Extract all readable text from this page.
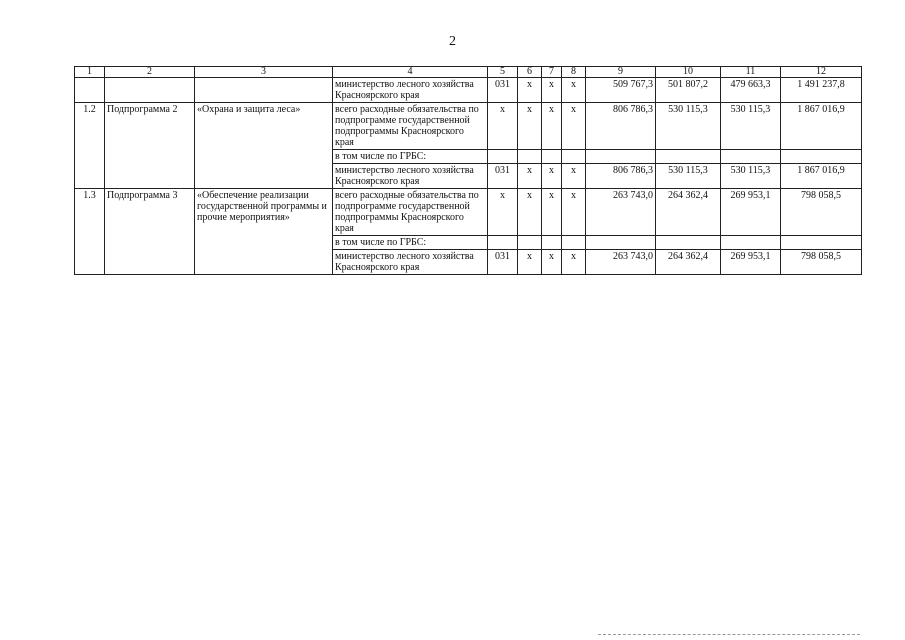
2
1	2	3	4	5	6	7	8	9	10	11	12
			министерство лесного хозяйства Красноярского края	031	х	х	х	509 767,3	501 807,2	479 663,3	1 491 237,8
1.2	Подпрограмма 2	«Охрана и защита леса»	всего расходные обязательства по подпрограмме государственной подпрограммы Красноярского края	х	х	х	х	806 786,3	530 115,3	530 115,3	1 867 016,9
			в том числе по ГРБС:								
			министерство лесного хозяйства Красноярского края	031	х	х	х	806 786,3	530 115,3	530 115,3	1 867 016,9
1.3	Подпрограмма 3	«Обеспечение реализации государственной программы и прочие мероприятия»	всего расходные обязательства по подпрограмме государственной подпрограммы Красноярского края	х	х	х	х	263 743,0	264 362,4	269 953,1	798 058,5
			в том числе по ГРБС:								
			министерство лесного хозяйства Красноярского края	031	х	х	х	263 743,0	264 362,4	269 953,1	798 058,5
